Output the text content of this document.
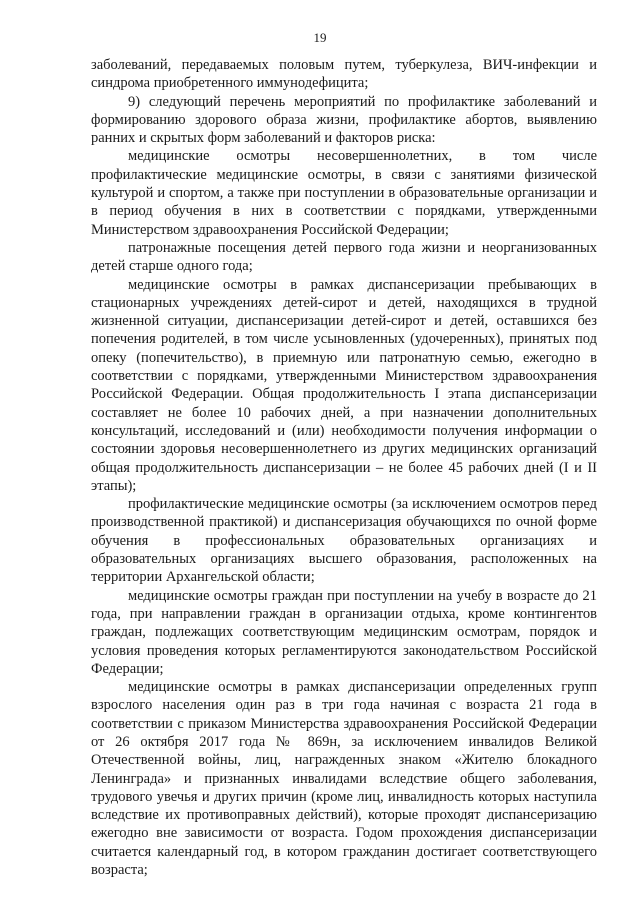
19

заболеваний, передаваемых половым путем, туберкулеза, ВИЧ-инфекции и синдрома приобретенного иммунодефицита;

9) следующий перечень мероприятий по профилактике заболеваний и формированию здорового образа жизни, профилактике абортов, выявлению ранних и скрытых форм заболеваний и факторов риска:

медицинские осмотры несовершеннолетних, в том числе профилактические медицинские осмотры, в связи с занятиями физической культурой и спортом, а также при поступлении в образовательные организации и в период обучения в них в соответствии с порядками, утвержденными Министерством здравоохранения Российской Федерации;

патронажные посещения детей первого года жизни и неорганизованных детей старше одного года;

медицинские осмотры в рамках диспансеризации пребывающих в стационарных учреждениях детей-сирот и детей, находящихся в трудной жизненной ситуации, диспансеризации детей-сирот и детей, оставшихся без попечения родителей, в том числе усыновленных (удочеренных), принятых под опеку (попечительство), в приемную или патронатную семью, ежегодно в соответствии с порядками, утвержденными Министерством здравоохранения Российской Федерации. Общая продолжительность I этапа диспансеризации составляет не более 10 рабочих дней, а при назначении дополнительных консультаций, исследований и (или) необходимости получения информации о состоянии здоровья несовершеннолетнего из других медицинских организаций общая продолжительность диспансеризации – не более 45 рабочих дней (I и II этапы);

профилактические медицинские осмотры (за исключением осмотров перед производственной практикой) и диспансеризация обучающихся по очной форме обучения в профессиональных образовательных организациях и образовательных организациях высшего образования, расположенных на территории Архангельской области;

медицинские осмотры граждан при поступлении на учебу в возрасте до 21 года, при направлении граждан в организации отдыха, кроме контингентов граждан, подлежащих соответствующим медицинским осмотрам, порядок и условия проведения которых регламентируются законодательством Российской Федерации;

медицинские осмотры в рамках диспансеризации определенных групп взрослого населения один раз в три года начиная с возраста 21 года в соответствии с приказом Министерства здравоохранения Российской Федерации от 26 октября 2017 года № 869н, за исключением инвалидов Великой Отечественной войны, лиц, награжденных знаком «Жителю блокадного Ленинграда» и признанных инвалидами вследствие общего заболевания, трудового увечья и других причин (кроме лиц, инвалидность которых наступила вследствие их противоправных действий), которые проходят диспансеризацию ежегодно вне зависимости от возраста. Годом прохождения диспансеризации считается календарный год, в котором гражданин достигает соответствующего возраста;
